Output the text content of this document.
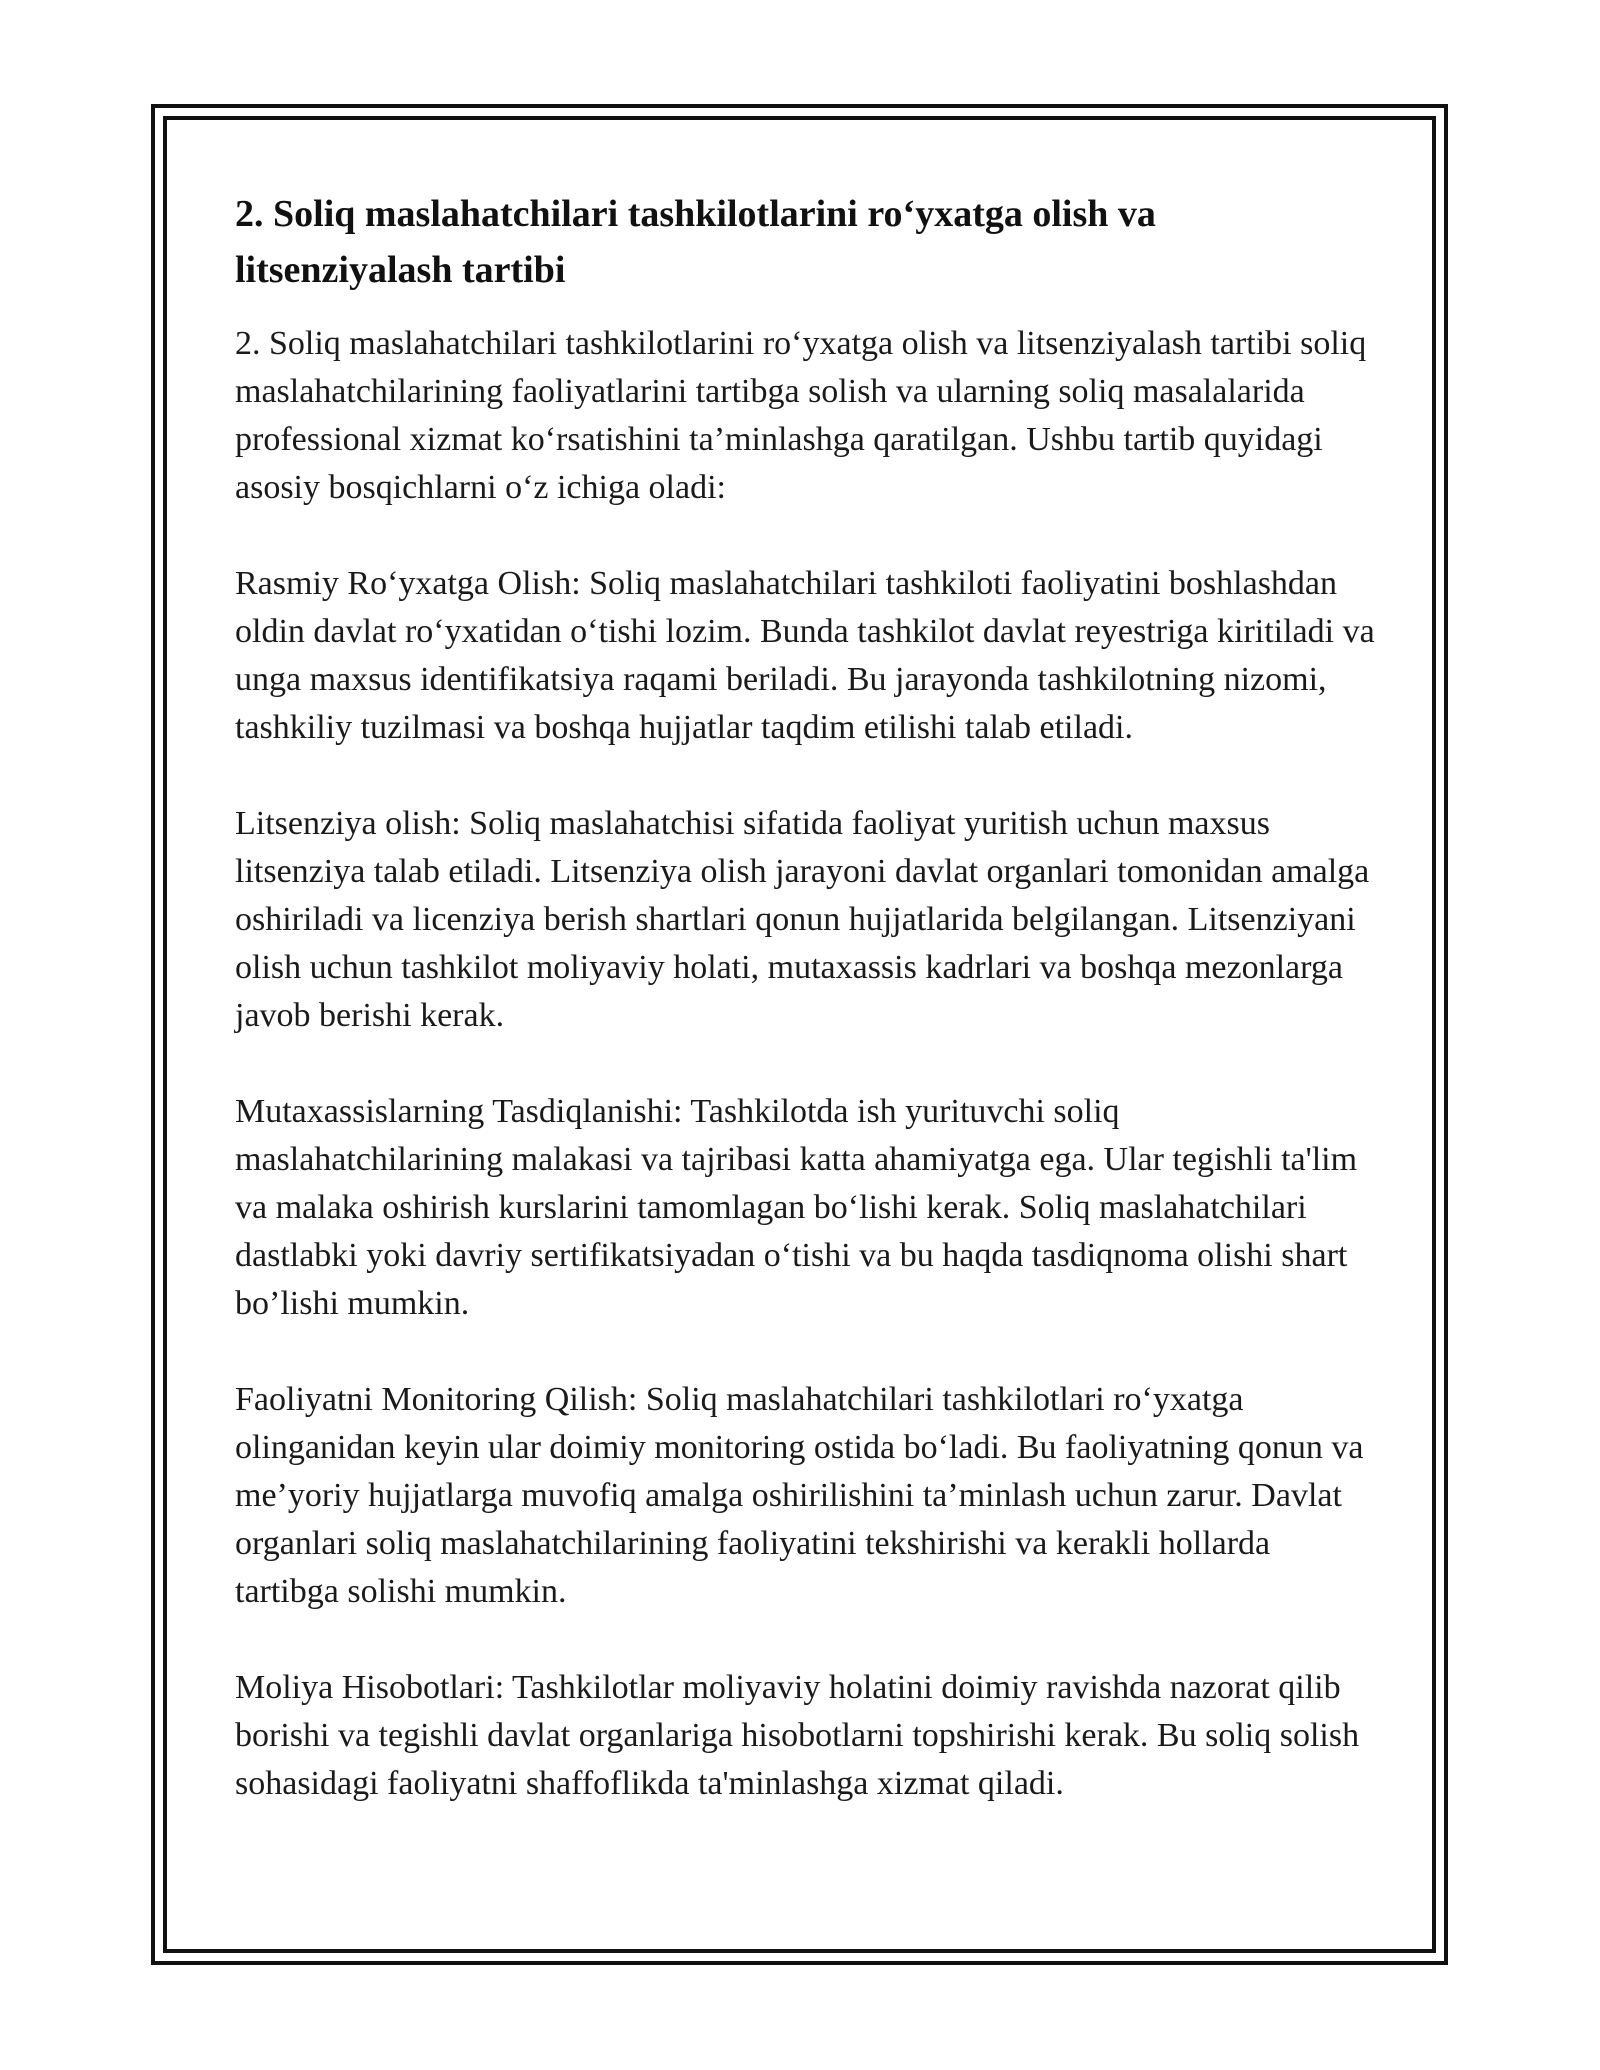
2. Soliq maslahatchilari tashkilotlarini ro‘yxatga olish va litsenziyalash tartibi

2. Soliq maslahatchilari tashkilotlarini ro‘yxatga olish va litsenziyalash tartibi soliq maslahatchilarining faoliyatlarini tartibga solish va ularning soliq masalalarida professional xizmat ko‘rsatishini ta’minlashga qaratilgan. Ushbu tartib quyidagi asosiy bosqichlarni o‘z ichiga oladi:

Rasmiy Ro‘yxatga Olish: Soliq maslahatchilari tashkiloti faoliyatini boshlashdan oldin davlat ro‘yxatidan o‘tishi lozim. Bunda tashkilot davlat reyestriga kiritiladi va unga maxsus identifikatsiya raqami beriladi. Bu jarayonda tashkilotning nizomi, tashkiliy tuzilmasi va boshqa hujjatlar taqdim etilishi talab etiladi.

Litsenziya olish: Soliq maslahatchisi sifatida faoliyat yuritish uchun maxsus litsenziya talab etiladi. Litsenziya olish jarayoni davlat organlari tomonidan amalga oshiriladi va licenziya berish shartlari qonun hujjatlarida belgilangan. Litsenziyani olish uchun tashkilot moliyaviy holati, mutaxassis kadrlari va boshqa mezonlarga javob berishi kerak.

Mutaxassislarning Tasdiqlanishi: Tashkilotda ish yurituvchi soliq maslahatchilarining malakasi va tajribasi katta ahamiyatga ega. Ular tegishli ta'lim va malaka oshirish kurslarini tamomlagan bo‘lishi kerak. Soliq maslahatchilari dastlabki yoki davriy sertifikatsiyadan o‘tishi va bu haqda tasdiqnoma olishi shart bo’lishi mumkin.

Faoliyatni Monitoring Qilish: Soliq maslahatchilari tashkilotlari ro‘yxatga olinganidan keyin ular doimiy monitoring ostida bo‘ladi. Bu faoliyatning qonun va me’yoriy hujjatlarga muvofiq amalga oshirilishini ta’minlash uchun zarur. Davlat organlari soliq maslahatchilarining faoliyatini tekshirishi va kerakli hollarda tartibga solishi mumkin.

Moliya Hisobotlari: Tashkilotlar moliyaviy holatini doimiy ravishda nazorat qilib borishi va tegishli davlat organlariga hisobotlarni topshirishi kerak. Bu soliq solish sohasidagi faoliyatni shaffoflikda ta'minlashga xizmat qiladi.
